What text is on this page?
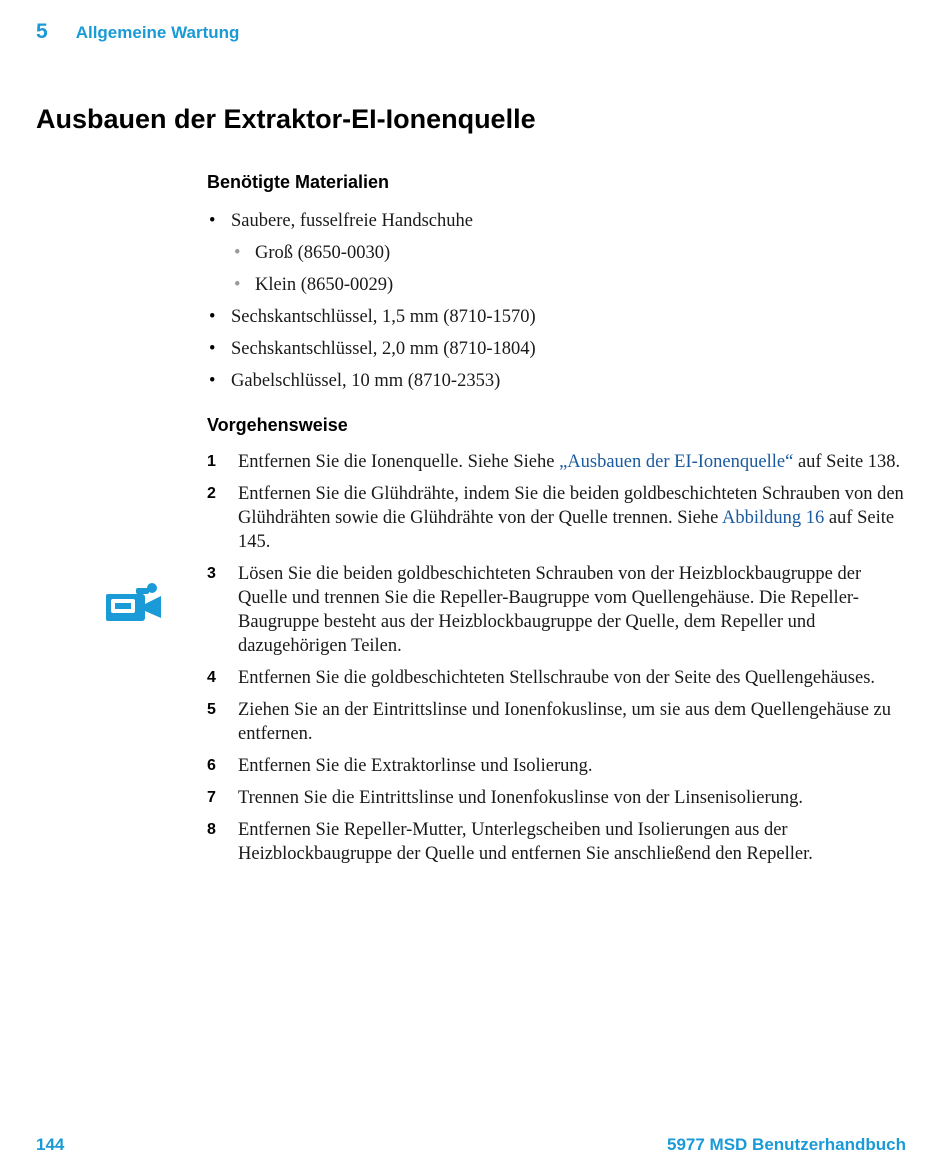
5 Allgemeine Wartung
Ausbauen der Extraktor-EI-Ionenquelle
Benötigte Materialien
• Saubere, fusselfreie Handschuhe
• Groß (8650-0030)
• Klein (8650-0029)
• Sechskantschlüssel, 1,5 mm (8710-1570)
• Sechskantschlüssel, 2,0 mm (8710-1804)
• Gabelschlüssel, 10 mm (8710-2353)
Vorgehensweise
1 Entfernen Sie die Ionenquelle. Siehe Siehe „Ausbauen der EI-Ionenquelle“ auf Seite 138.
2 Entfernen Sie die Glühdrähte, indem Sie die beiden goldbeschichteten Schrauben von den Glühdrähten sowie die Glühdrähte von der Quelle trennen. Siehe Abbildung 16 auf Seite 145.
3 Lösen Sie die beiden goldbeschichteten Schrauben von der Heizblockbaugruppe der Quelle und trennen Sie die Repeller-Baugruppe vom Quellengehäuse. Die Repeller-Baugruppe besteht aus der Heizblockbaugruppe der Quelle, dem Repeller und dazugehörigen Teilen.
4 Entfernen Sie die goldbeschichteten Stellschraube von der Seite des Quellengehäuses.
5 Ziehen Sie an der Eintrittslinse und Ionenfokuslinse, um sie aus dem Quellengehäuse zu entfernen.
6 Entfernen Sie die Extraktorlinse und Isolierung.
7 Trennen Sie die Eintrittslinse und Ionenfokuslinse von der Linsenisolierung.
8 Entfernen Sie Repeller-Mutter, Unterlegscheiben und Isolierungen aus der Heizblockbaugruppe der Quelle und entfernen Sie anschließend den Repeller.
144	5977 MSD Benutzerhandbuch
